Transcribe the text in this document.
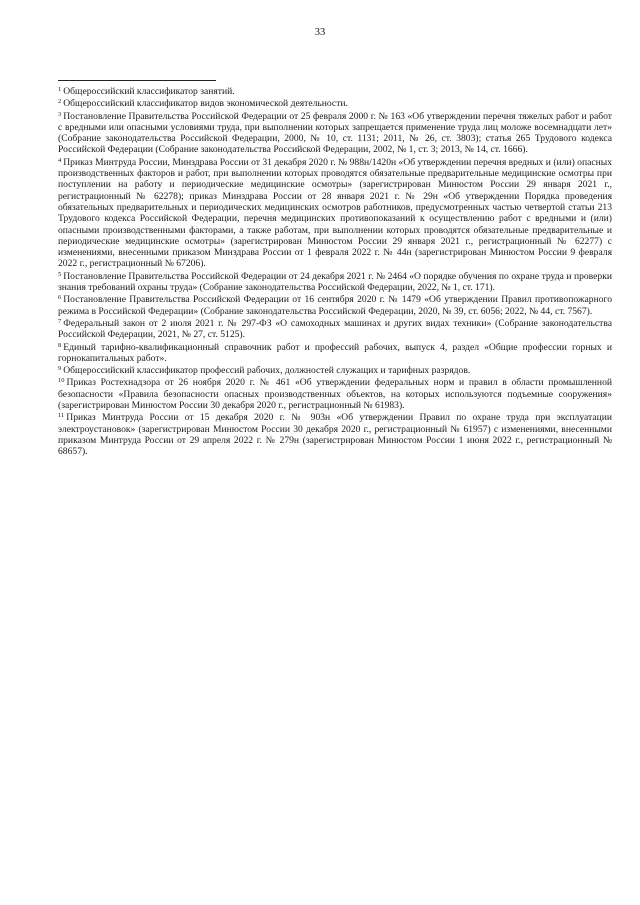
33

$^1$ Общероссийский классификатор занятий.

$^2$ Общероссийский классификатор видов экономической деятельности.

$^3$ Постановление Правительства Российской Федерации от 25 февраля 2000 г. № 163 «Об утверждении перечня тяжелых работ и работ с вредными или опасными условиями труда, при выполнении которых запрещается применение труда лиц моложе восемнадцати лет» (Собрание законодательства Российской Федерации, 2000, № 10, ст. 1131; 2011, № 26, ст. 3803); статья 265 Трудового кодекса Российской Федерации (Собрание законодательства Российской Федерации, 2002, № 1, ст. 3; 2013, № 14, ст. 1666).

$^4$ Приказ Минтруда России, Минздрава России от 31 декабря 2020 г. № 988н/1420н «Об утверждении перечня вредных и (или) опасных производственных факторов и работ, при выполнении которых проводятся обязательные предварительные медицинские осмотры при поступлении на работу и периодические медицинские осмотры» (зарегистрирован Минюстом России 29 января 2021 г., регистрационный № 62278); приказ Минздрава России от 28 января 2021 г. № 29н «Об утверждении Порядка проведения обязательных предварительных и периодических медицинских осмотров работников, предусмотренных частью четвертой статьи 213 Трудового кодекса Российской Федерации, перечня медицинских противопоказаний к осуществлению работ с вредными и (или) опасными производственными факторами, а также работам, при выполнении которых проводятся обязательные предварительные и периодические медицинские осмотры» (зарегистрирован Минюстом России 29 января 2021 г., регистрационный № 62277) с изменениями, внесенными приказом Минздрава России от 1 февраля 2022 г. № 44н (зарегистрирован Минюстом России 9 февраля 2022 г., регистрационный № 67206).

$^5$ Постановление Правительства Российской Федерации от 24 декабря 2021 г. № 2464 «О порядке обучения по охране труда и проверки знания требований охраны труда» (Собрание законодательства Российской Федерации, 2022, № 1, ст. 171).

$^6$ Постановление Правительства Российской Федерации от 16 сентября 2020 г. № 1479 «Об утверждении Правил противопожарного режима в Российской Федерации» (Собрание законодательства Российской Федерации, 2020, № 39, ст. 6056; 2022, № 44, ст. 7567).

$^7$ Федеральный закон от 2 июля 2021 г. № 297-ФЗ «О самоходных машинах и других видах техники» (Собрание законодательства Российской Федерации, 2021, № 27, ст. 5125).

$^8$ Единый тарифно-квалификационный справочник работ и профессий рабочих, выпуск 4, раздел «Общие профессии горных и горнокапитальных работ».

$^9$ Общероссийский классификатор профессий рабочих, должностей служащих и тарифных разрядов.

$^{10}$ Приказ Ростехнадзора от 26 ноября 2020 г. № 461 «Об утверждении федеральных норм и правил в области промышленной безопасности «Правила безопасности опасных производственных объектов, на которых используются подъемные сооружения» (зарегистрирован Минюстом России 30 декабря 2020 г., регистрационный № 61983).

$^{11}$ Приказ Минтруда России от 15 декабря 2020 г. № 903н «Об утверждении Правил по охране труда при эксплуатации электроустановок» (зарегистрирован Минюстом России 30 декабря 2020 г., регистрационный № 61957) с изменениями, внесенными приказом Минтруда России от 29 апреля 2022 г. № 279н (зарегистрирован Минюстом России 1 июня 2022 г., регистрационный № 68657).
